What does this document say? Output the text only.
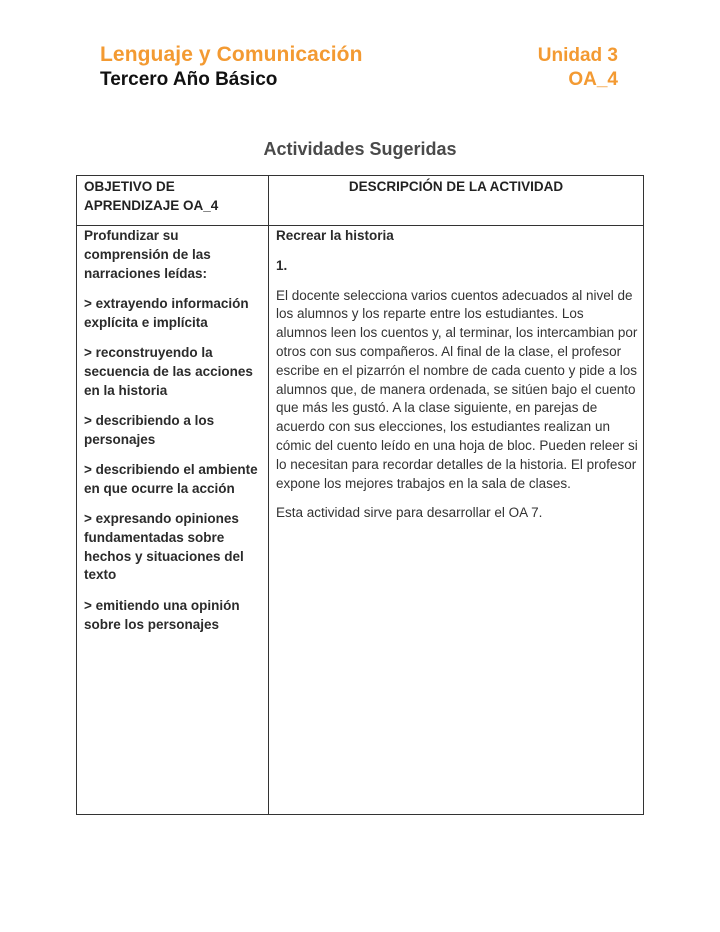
Lenguaje y Comunicación
Tercero Año Básico
Unidad 3
OA_4
Actividades Sugeridas
OBJETIVO DE APRENDIZAJE OA_4
DESCRIPCIÓN DE LA ACTIVIDAD

Profundizar su comprensión de las narraciones leídas:

> extrayendo información explícita e implícita

> reconstruyendo la secuencia de las acciones en la historia

> describiendo a los personajes

> describiendo el ambiente en que ocurre la acción

> expresando opiniones fundamentadas sobre hechos y situaciones del texto

> emitiendo una opinión sobre los personajes

Recrear la historia

1.

El docente selecciona varios cuentos adecuados al nivel de los alumnos y los reparte entre los estudiantes. Los alumnos leen los cuentos y, al terminar, los intercambian por otros con sus compañeros. Al final de la clase, el profesor escribe en el pizarrón el nombre de cada cuento y pide a los alumnos que, de manera ordenada, se sitúen bajo el cuento que más les gustó. A la clase siguiente, en parejas de acuerdo con sus elecciones, los estudiantes realizan un cómic del cuento leído en una hoja de bloc. Pueden releer si lo necesitan para recordar detalles de la historia. El profesor expone los mejores trabajos en la sala de clases.

Esta actividad sirve para desarrollar el OA 7.
